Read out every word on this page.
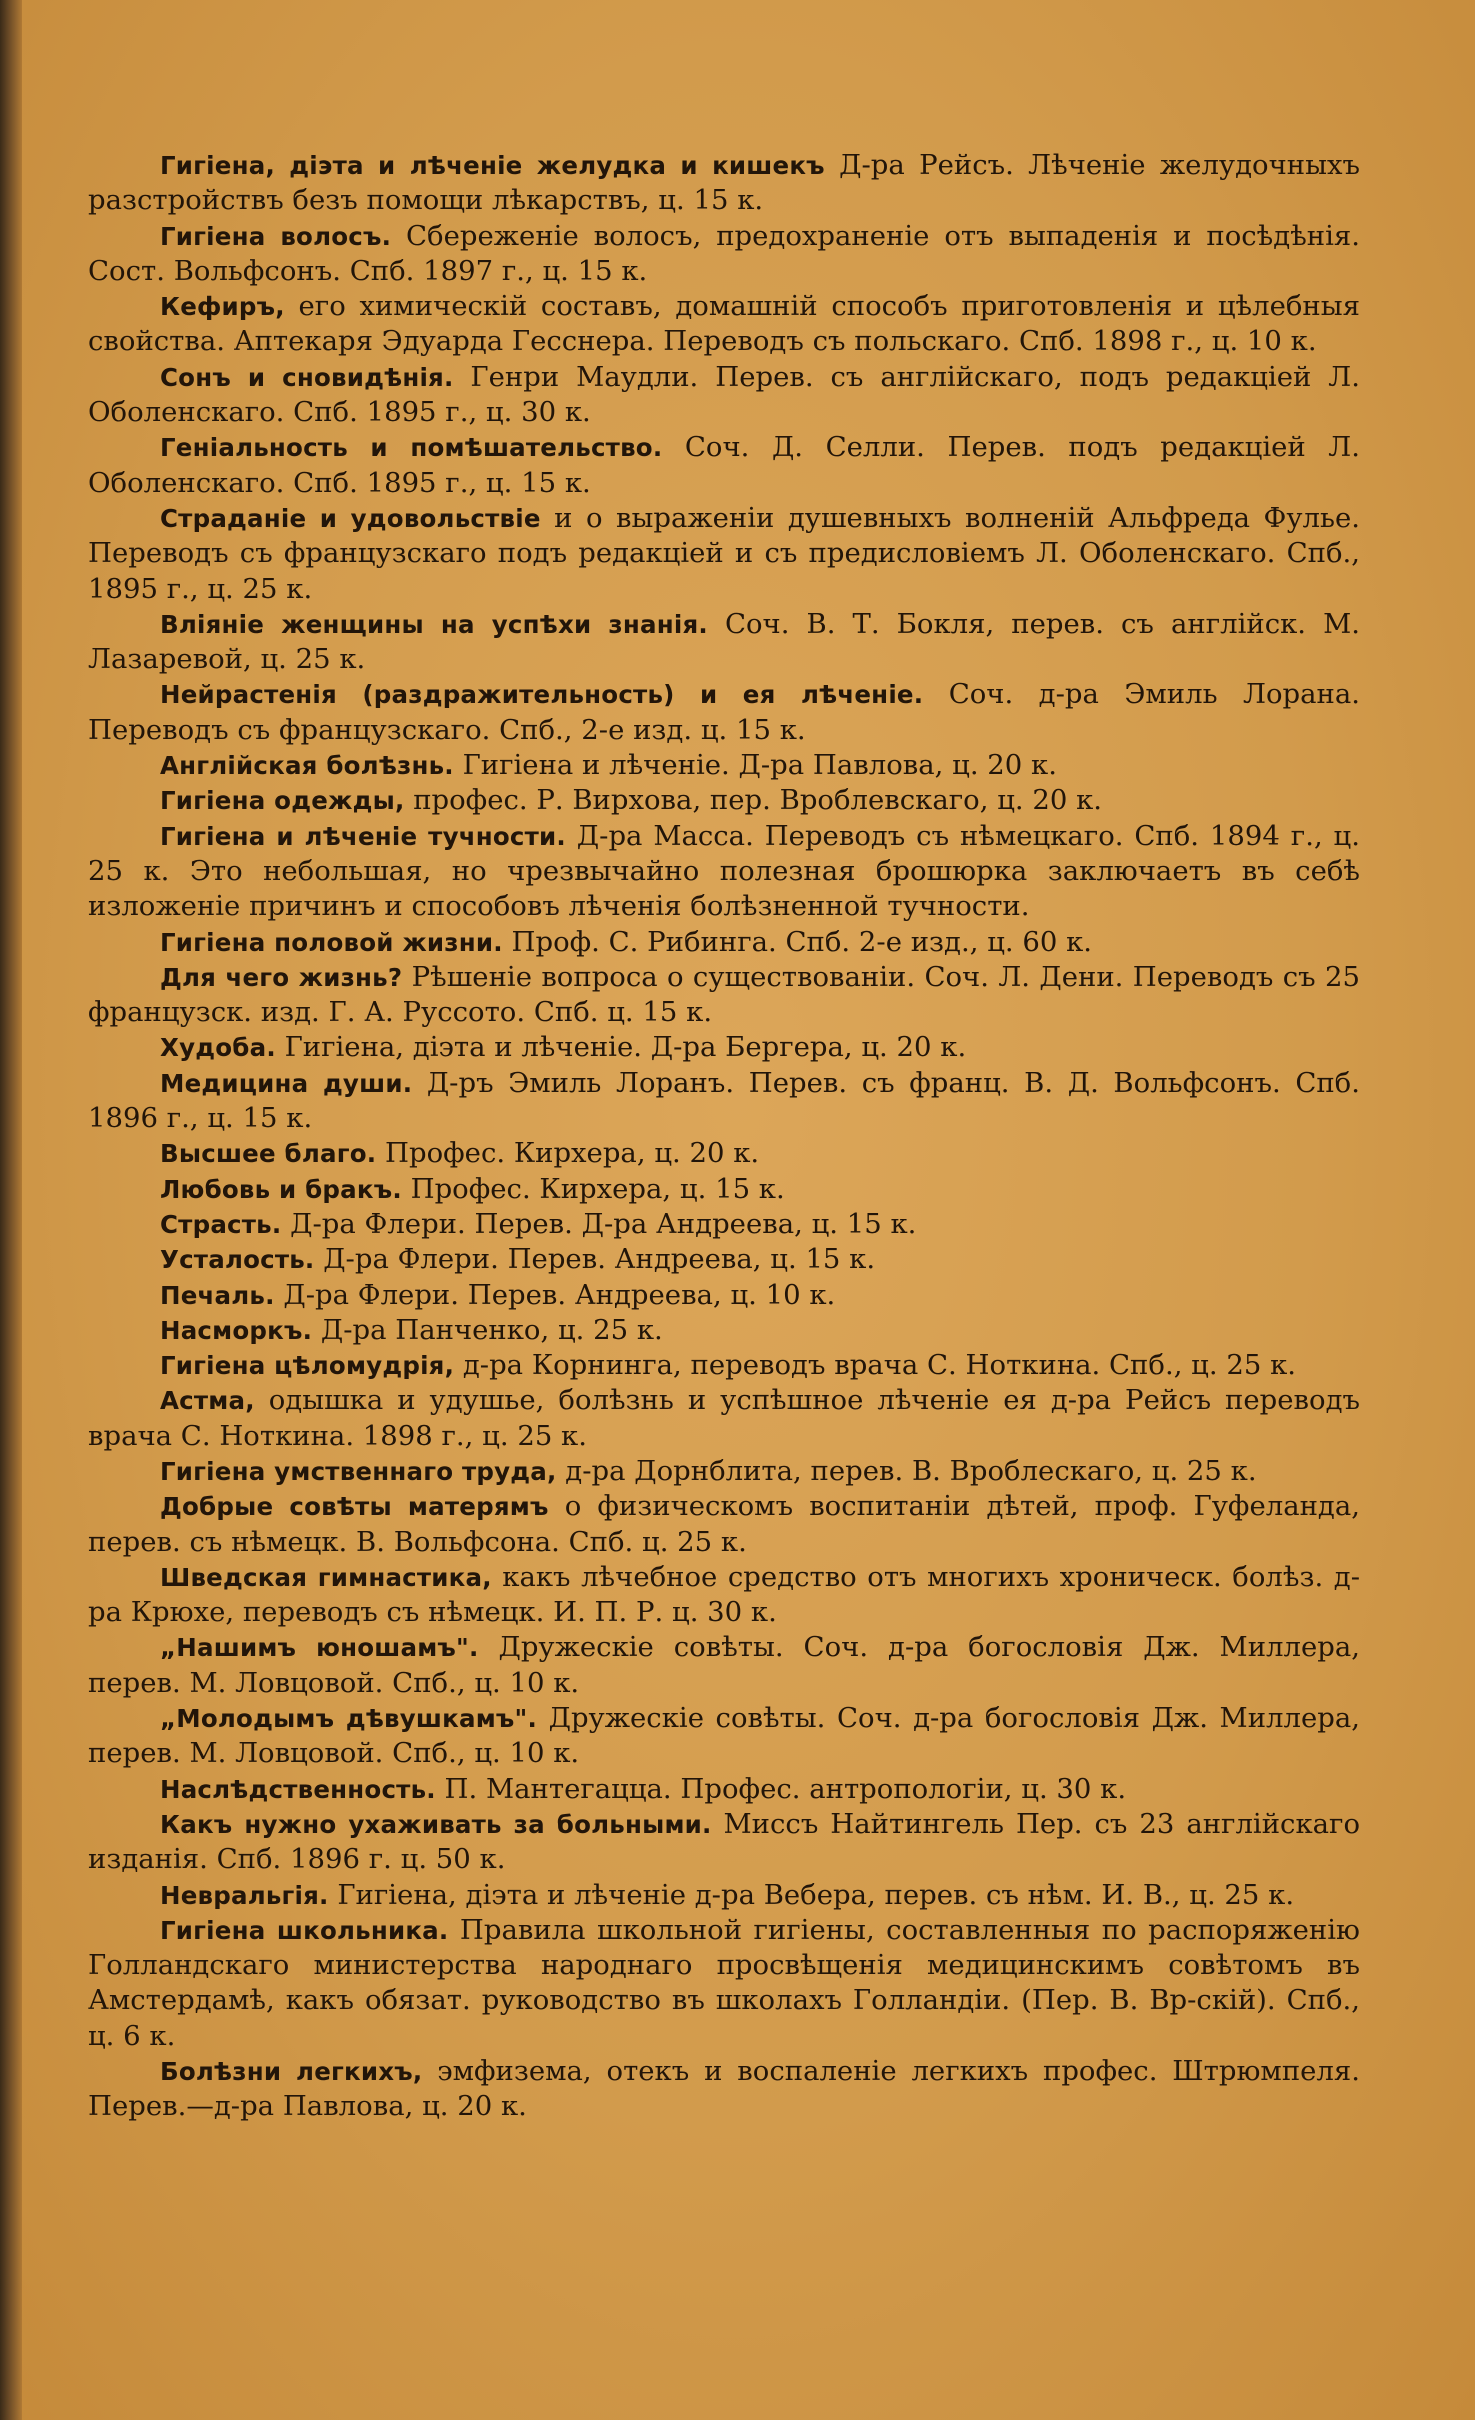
Гигіена, діэта и лѣченіе желудка и кишекъ Д-ра Рейсъ. Лѣченіе желудочныхъ разстройствъ безъ помощи лѣкарствъ, ц. 15 к.

Гигіена волосъ. Сбереженіе волосъ, предохраненіе отъ выпаденія и посѣдѣнія. Сост. Вольфсонъ. Спб. 1897 г., ц. 15 к.

Кефиръ, его химическій составъ, домашній способъ приготовленія и цѣлебныя свойства. Аптекаря Эдуарда Гесснера. Переводъ съ польскаго. Спб. 1898 г., ц. 10 к.

Сонъ и сновидѣнія. Генри Маудли. Перев. съ англійскаго, подъ редакціей Л. Оболенскаго. Спб. 1895 г., ц. 30 к.

Геніальность и помѣшательство. Соч. Д. Селли. Перев. подъ редакціей Л. Оболенскаго. Спб. 1895 г., ц. 15 к.

Страданіе и удовольствіе и о выраженіи душевныхъ волненій Альфреда Фулье. Переводъ съ французскаго подъ редакціей и съ предисловіемъ Л. Оболенскаго. Спб., 1895 г., ц. 25 к.

Вліяніе женщины на успѣхи знанія. Соч. В. Т. Бокля, перев. съ англійск. М. Лазаревой, ц. 25 к.

Нейрастенія (раздражительность) и ея лѣченіе. Соч. д-ра Эмиль Лорана. Переводъ съ французскаго. Спб., 2-е изд. ц. 15 к.

Англійская болѣзнь. Гигіена и лѣченіе. Д-ра Павлова, ц. 20 к.

Гигіена одежды, профес. Р. Вирхова, пер. Вроблевскаго, ц. 20 к.

Гигіена и лѣченіе тучности. Д-ра Масса. Переводъ съ нѣмецкаго. Спб. 1894 г., ц. 25 к. Это небольшая, но чрезвычайно полезная брошюрка заключаетъ въ себѣ изложеніе причинъ и способовъ лѣченія болѣзненной тучности.

Гигіена половой жизни. Проф. С. Рибинга. Спб. 2-е изд., ц. 60 к.

Для чего жизнь? Рѣшеніе вопроса о существованіи. Соч. Л. Дени. Переводъ съ 25 французск. изд. Г. А. Руссото. Спб. ц. 15 к.

Худоба. Гигіена, діэта и лѣченіе. Д-ра Бергера, ц. 20 к.

Медицина души. Д-ръ Эмиль Лоранъ. Перев. съ франц. В. Д. Вольфсонъ. Спб. 1896 г., ц. 15 к.

Высшее благо. Профес. Кирхера, ц. 20 к.

Любовь и бракъ. Профес. Кирхера, ц. 15 к.

Страсть. Д-ра Флери. Перев. Д-ра Андреева, ц. 15 к.

Усталость. Д-ра Флери. Перев. Андреева, ц. 15 к.

Печаль. Д-ра Флери. Перев. Андреева, ц. 10 к.

Насморкъ. Д-ра Панченко, ц. 25 к.

Гигіена цѣломудрія, д-ра Корнинга, переводъ врача С. Ноткина. Спб., ц. 25 к.

Астма, одышка и удушье, болѣзнь и успѣшное лѣченіе ея д-ра Рейсъ переводъ врача С. Ноткина. 1898 г., ц. 25 к.

Гигіена умственнаго труда, д-ра Дорнблита, перев. В. Вроблескаго, ц. 25 к.

Добрые совѣты матерямъ о физическомъ воспитаніи дѣтей, проф. Гуфеланда, перев. съ нѣмецк. В. Вольфсона. Спб. ц. 25 к.

Шведская гимнастика, какъ лѣчебное средство отъ многихъ хроническ. болѣз. д-ра Крюхе, переводъ съ нѣмецк. И. П. Р. ц. 30 к.

„Нашимъ юношамъ". Дружескіе совѣты. Соч. д-ра богословія Дж. Миллера, перев. М. Ловцовой. Спб., ц. 10 к.

„Молодымъ дѣвушкамъ". Дружескіе совѣты. Соч. д-ра богословія Дж. Миллера, перев. М. Ловцовой. Спб., ц. 10 к.

Наслѣдственность. П. Мантегацца. Профес. антропологіи, ц. 30 к.

Какъ нужно ухаживать за больными. Миссъ Найтингель Пер. съ 23 англійскаго изданія. Спб. 1896 г. ц. 50 к.

Невральгія. Гигіена, діэта и лѣченіе д-ра Вебера, перев. съ нѣм. И. В., ц. 25 к.

Гигіена школьника. Правила школьной гигіены, составленныя по распоряженію Голландскаго министерства народнаго просвѣщенія медицинскимъ совѣтомъ въ Амстердамѣ, какъ обязат. руководство въ школахъ Голландіи. (Пер. В. Вр-скій). Спб., ц. 6 к.

Болѣзни легкихъ, эмфизема, отекъ и воспаленіе легкихъ профес. Штрюмпеля. Перев.—д-ра Павлова, ц. 20 к.
